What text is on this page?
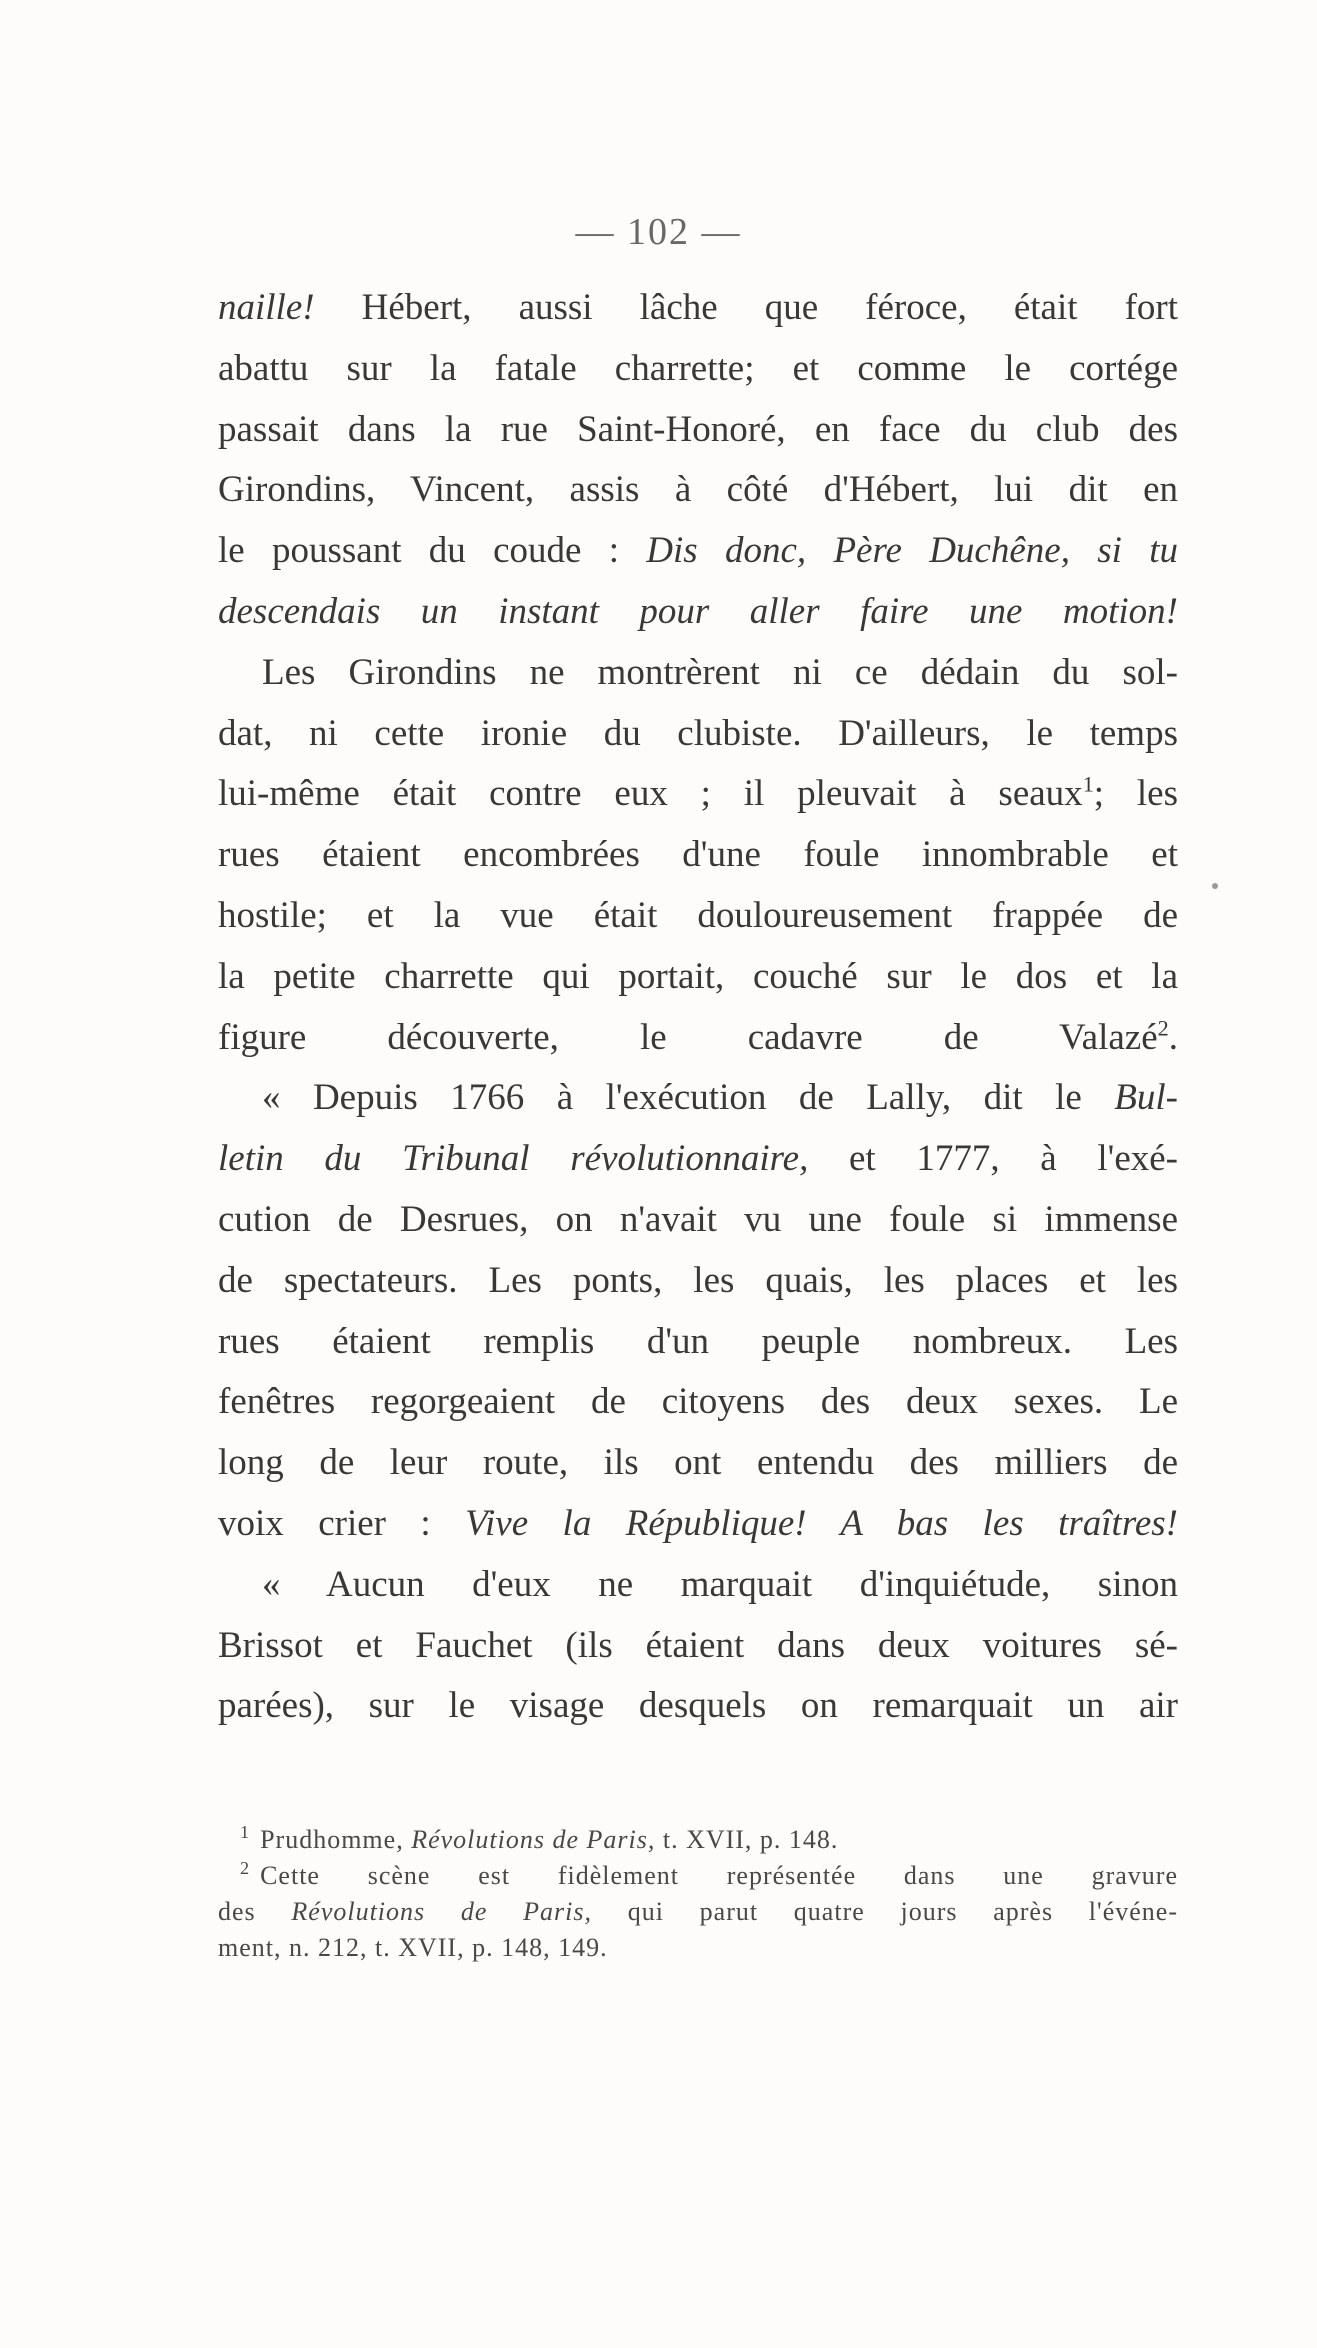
— 102 —
naille! Hébert, aussi lâche que féroce, était fort
abattu sur la fatale charrette; et comme le cortége
passait dans la rue Saint-Honoré, en face du club des
Girondins, Vincent, assis à côté d'Hébert, lui dit en
le poussant du coude : Dis donc, Père Duchêne, si tu
descendais un instant pour aller faire une motion!
Les Girondins ne montrèrent ni ce dédain du sol-
dat, ni cette ironie du clubiste. D'ailleurs, le temps
lui-même était contre eux ; il pleuvait à seaux$^1$; les
rues étaient encombrées d'une foule innombrable et
hostile; et la vue était douloureusement frappée de
la petite charrette qui portait, couché sur le dos et la
figure découverte, le cadavre de Valazé$^2$.
« Depuis 1766 à l'exécution de Lally, dit le Bul-
letin du Tribunal révolutionnaire, et 1777, à l'exé-
cution de Desrues, on n'avait vu une foule si immense
de spectateurs. Les ponts, les quais, les places et les
rues étaient remplis d'un peuple nombreux. Les
fenêtres regorgeaient de citoyens des deux sexes. Le
long de leur route, ils ont entendu des milliers de
voix crier : Vive la République! A bas les traîtres!
« Aucun d'eux ne marquait d'inquiétude, sinon
Brissot et Fauchet (ils étaient dans deux voitures sé-
parées), sur le visage desquels on remarquait un air
$^1$ Prudhomme, Révolutions de Paris, t. XVII, p. 148.
$^2$ Cette scène est fidèlement représentée dans une gravure
des Révolutions de Paris, qui parut quatre jours après l'événe-
ment, n. 212, t. XVII, p. 148, 149.
